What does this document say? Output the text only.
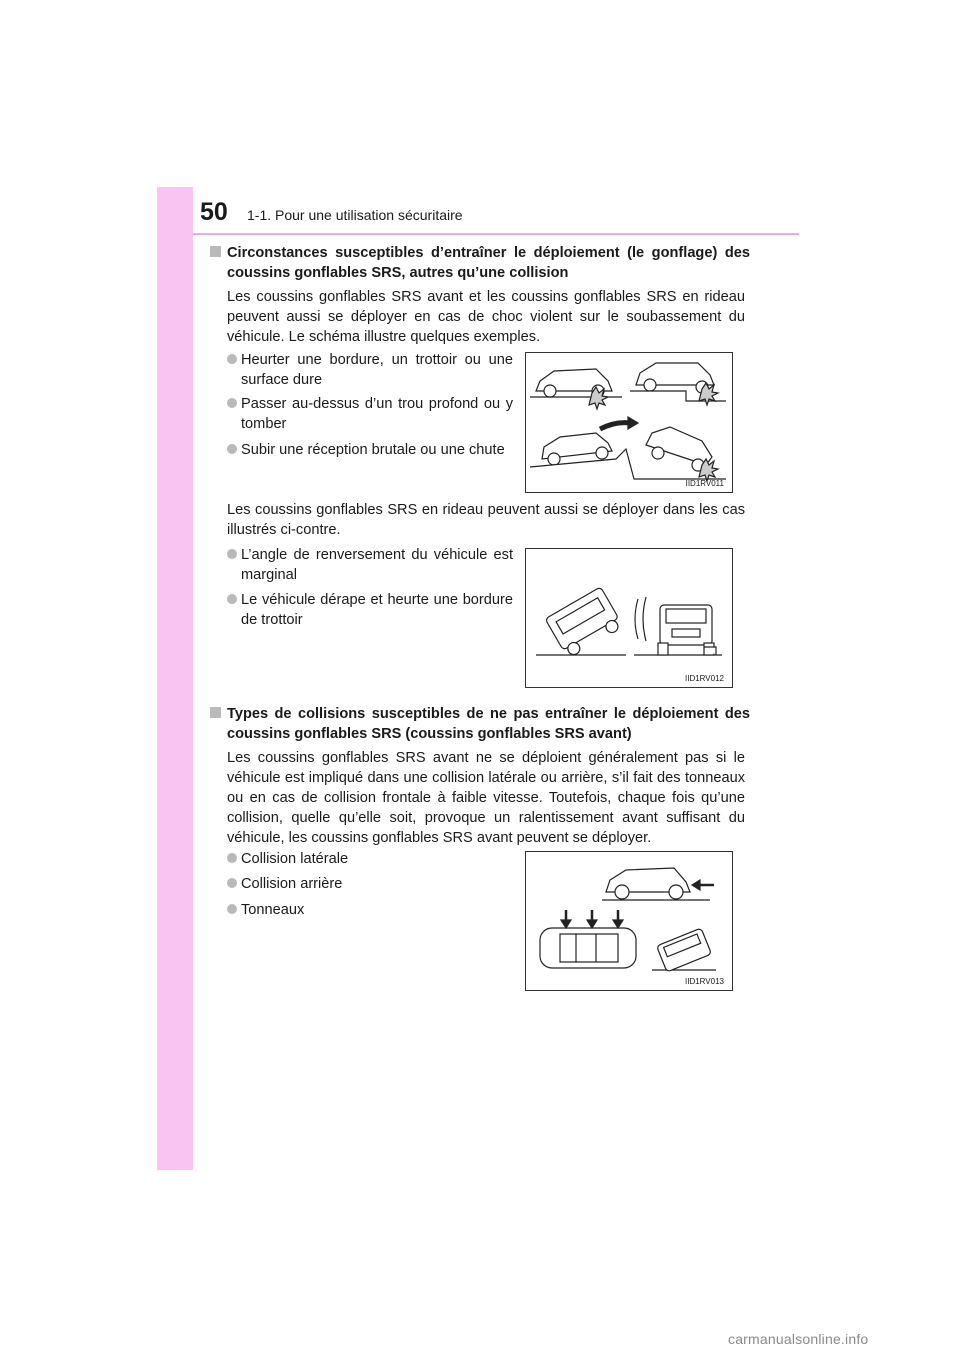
50 1-1. Pour une utilisation sécuritaire
Circonstances susceptibles d’entraîner le déploiement (le gonflage) des coussins gonflables SRS, autres qu’une collision
Les coussins gonflables SRS avant et les coussins gonflables SRS en rideau peuvent aussi se déployer en cas de choc violent sur le soubassement du véhicule. Le schéma illustre quelques exemples.
Heurter une bordure, un trottoir ou une surface dure
Passer au-dessus d’un trou profond ou y tomber
Subir une réception brutale ou une chute
IID1RV011
Les coussins gonflables SRS en rideau peuvent aussi se déployer dans les cas illustrés ci-contre.
L’angle de renversement du véhicule est marginal
Le véhicule dérape et heurte une bordure de trottoir
IID1RV012
Types de collisions susceptibles de ne pas entraîner le déploiement des coussins gonflables SRS (coussins gonflables SRS avant)
Les coussins gonflables SRS avant ne se déploient généralement pas si le véhicule est impliqué dans une collision latérale ou arrière, s’il fait des tonneaux ou en cas de collision frontale à faible vitesse. Toutefois, chaque fois qu’une collision, quelle qu’elle soit, provoque un ralentissement avant suffisant du véhicule, les coussins gonflables SRS avant peuvent se déployer.
Collision latérale
Collision arrière
Tonneaux
IID1RV013
carmanualsonline.info
